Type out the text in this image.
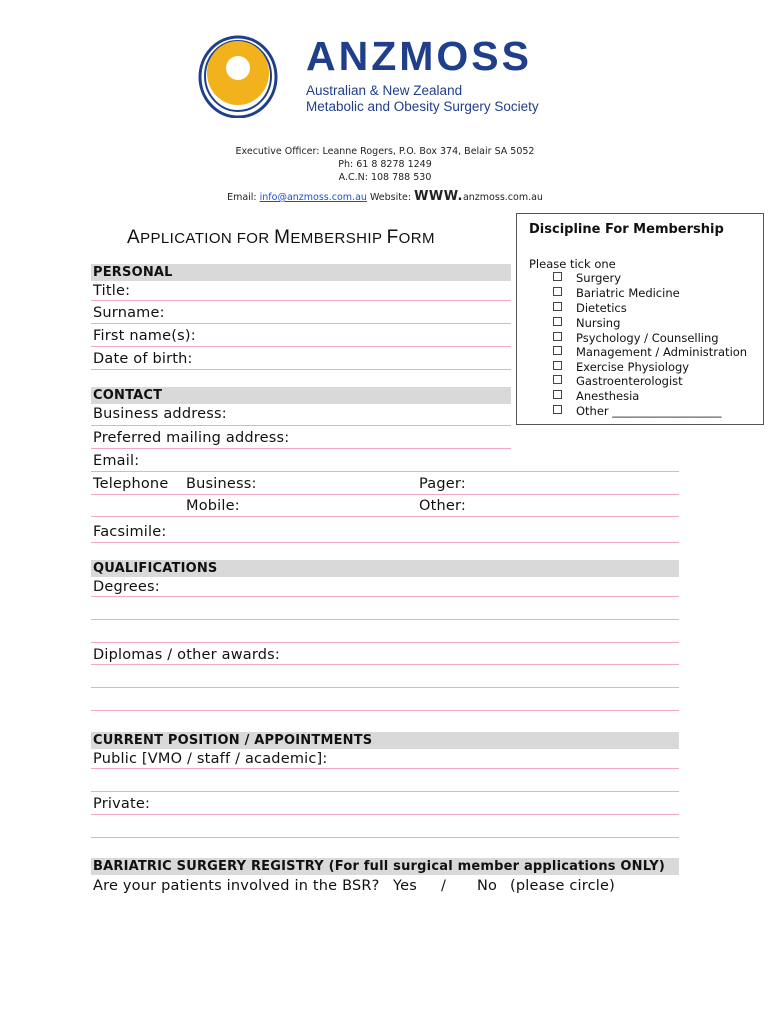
ANZMOSS
Australian & New Zealand
Metabolic and Obesity Surgery Society
Executive Officer: Leanne Rogers, P.O. Box 374, Belair SA 5052
Ph: 61 8 8278 1249
A.C.N: 108 788 530
Email: info@anzmoss.com.au Website: WWW.anzmoss.com.au
APPLICATION FOR MEMBERSHIP FORM
Discipline For Membership
Please tick one
Surgery
Bariatric Medicine
Dietetics
Nursing
Psychology / Counselling
Management / Administration
Exercise Physiology
Gastroenterologist
Anesthesia
Other ___________________
PERSONAL
Title:
Surname:
First name(s):
Date of birth:
CONTACT
Business address:
Preferred mailing address:
Email:
Telephone Business:	Pager:
Mobile:	Other:
Facsimile:
QUALIFICATIONS
Degrees:
Diplomas / other awards:
CURRENT POSITION / APPOINTMENTS
Public [VMO / staff / academic]:
Private:
BARIATRIC SURGERY REGISTRY (For full surgical member applications ONLY)
Are your patients involved in the BSR? Yes / No (please circle)
